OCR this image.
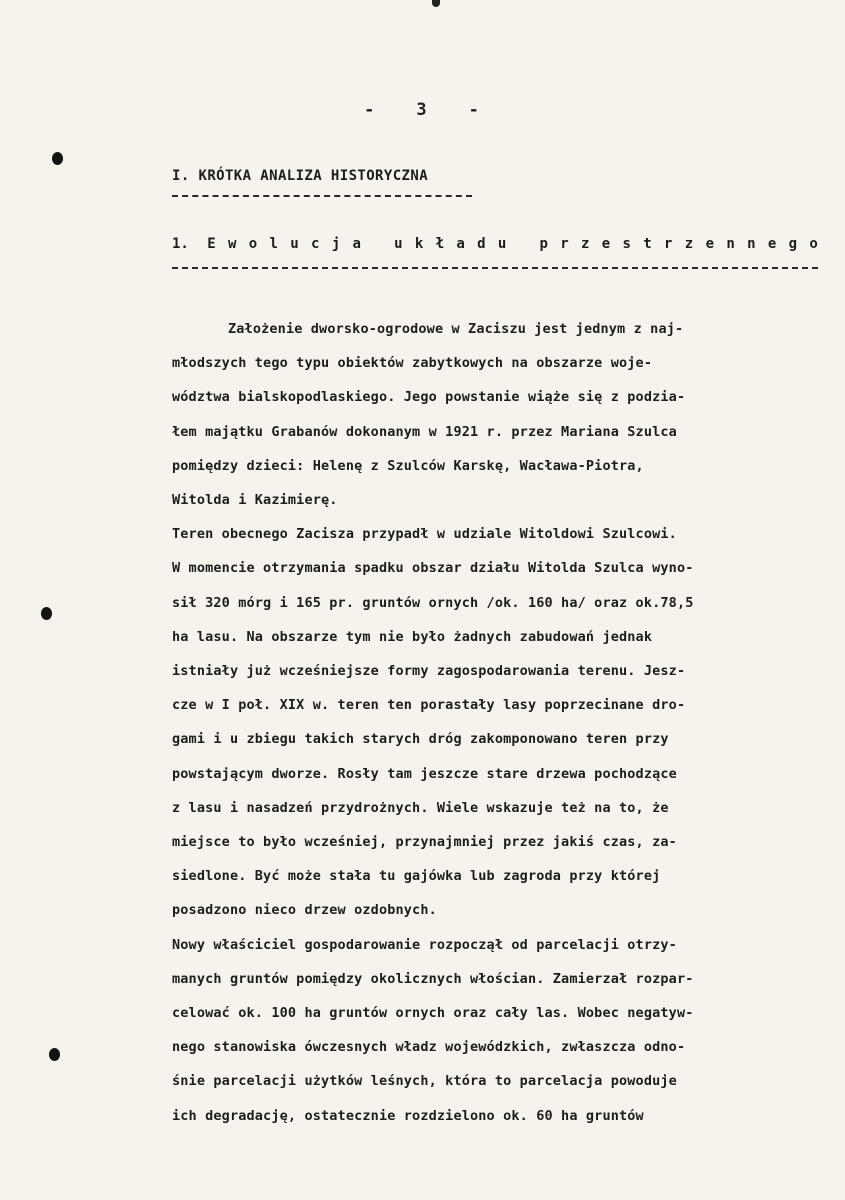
- 3 -
I. KRÓTKA ANALIZA HISTORYCZNA
1. E w o l u c j a
u k ł a d u
p r z e s t r z e n n e g o
Założenie dworsko-ogrodowe w Zaciszu jest jednym z naj-
młodszych tego typu obiektów zabytkowych na obszarze woje-
wództwa bialskopodlaskiego. Jego powstanie wiąże się z podzia-
łem majątku Grabanów dokonanym w 1921 r. przez Mariana Szulca
pomiędzy dzieci: Helenę z Szulców Karskę, Wacława-Piotra,
Witolda i Kazimierę.
Teren obecnego Zacisza przypadł w udziale Witoldowi Szulcowi.
W momencie otrzymania spadku obszar działu Witolda Szulca wyno-
sił 320 mórg i 165 pr. gruntów ornych /ok. 160 ha/ oraz ok.78,5
ha lasu. Na obszarze tym nie było żadnych zabudowań jednak
istniały już wcześniejsze formy zagospodarowania terenu. Jesz-
cze w I poł. XIX w. teren ten porastały lasy poprzecinane dro-
gami i u zbiegu takich starych dróg zakomponowano teren przy
powstającym dworze. Rosły tam jeszcze stare drzewa pochodzące
z lasu i nasadzeń przydrożnych. Wiele wskazuje też na to, że
miejsce to było wcześniej, przynajmniej przez jakiś czas, za-
siedlone. Być może stała tu gajówka lub zagroda przy której
posadzono nieco drzew ozdobnych.
Nowy właściciel gospodarowanie rozpoczął od parcelacji otrzy-
manych gruntów pomiędzy okolicznych włościan. Zamierzał rozpar-
celować ok. 100 ha gruntów ornych oraz cały las. Wobec negatyw-
nego stanowiska ówczesnych władz wojewódzkich, zwłaszcza odno-
śnie parcelacji użytków leśnych, która to parcelacja powoduje
ich degradację, ostatecznie rozdzielono ok. 60 ha gruntów
